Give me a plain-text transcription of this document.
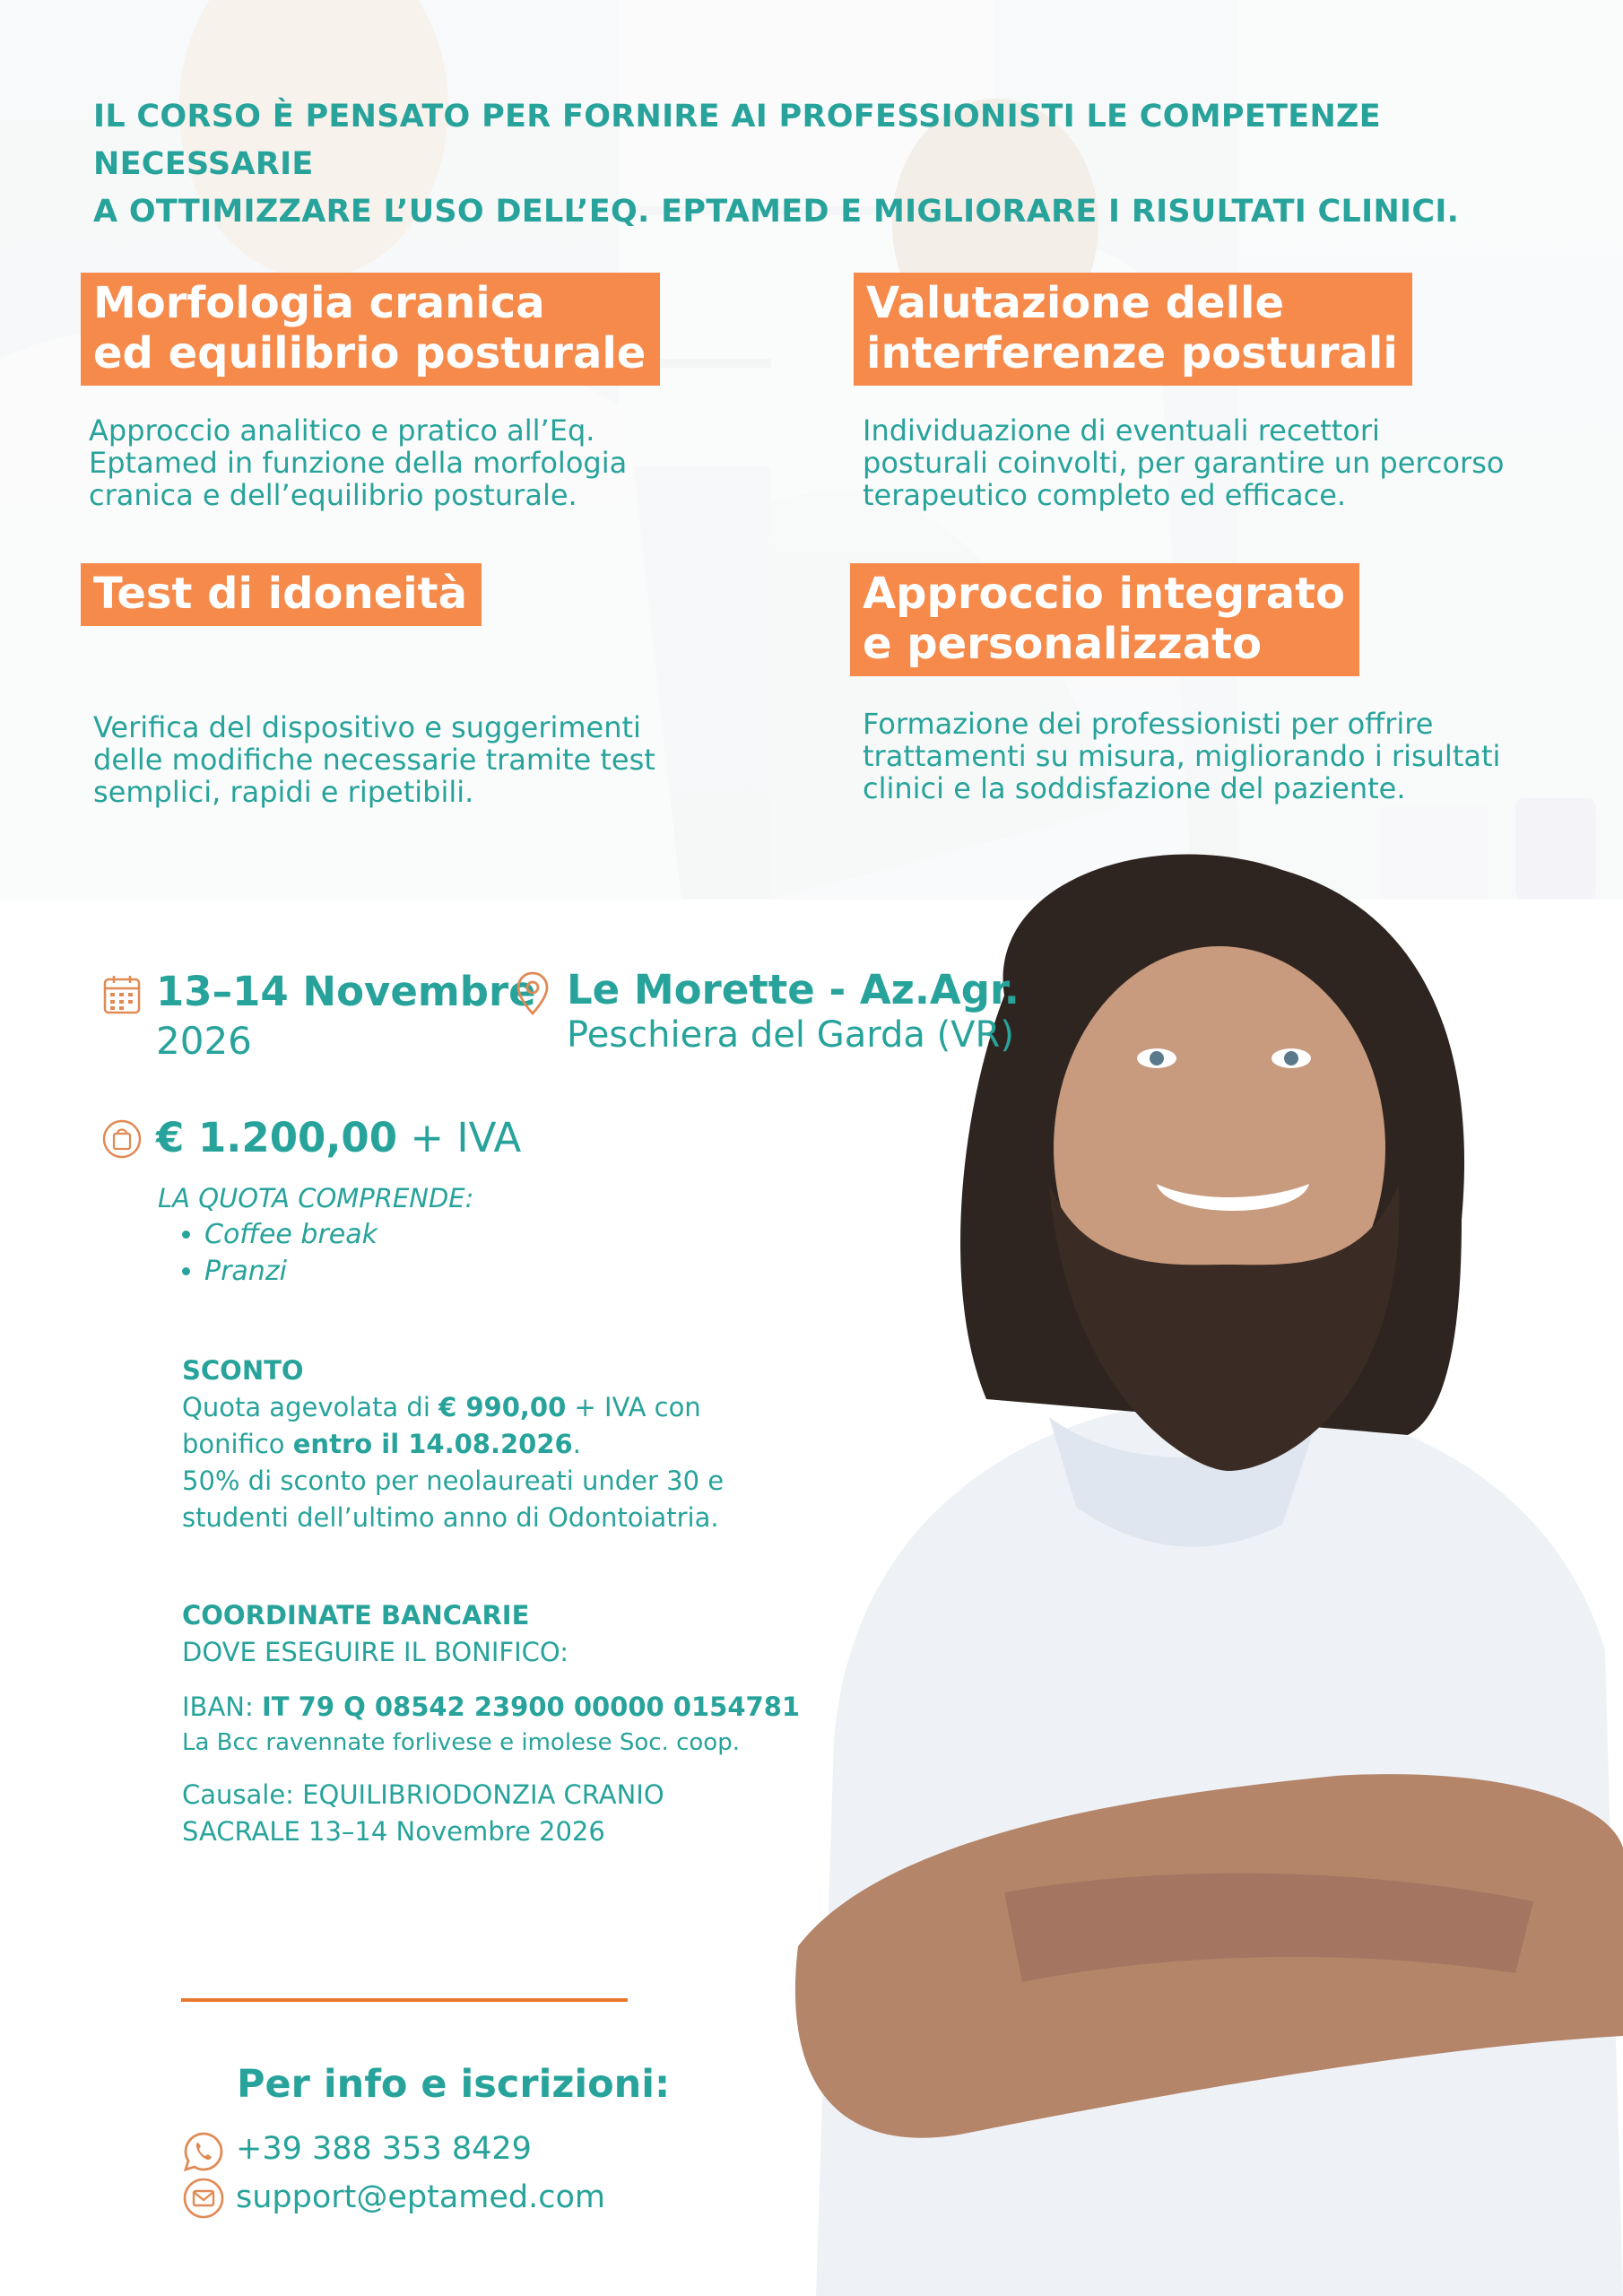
IL CORSO È PENSATO PER FORNIRE AI PROFESSIONISTI LE COMPETENZE NECESSARIE
A OTTIMIZZARE L’USO DELL’EQ. EPTAMED E MIGLIORARE I RISULTATI CLINICI.
Morfologia cranica
ed equilibrio posturale
Approccio analitico e pratico all’Eq.
Eptamed in funzione della morfologia
cranica e dell’equilibrio posturale.
Valutazione delle
interferenze posturali
Individuazione di eventuali recettori
posturali coinvolti, per garantire un percorso
terapeutico completo ed efficace.
Test di idoneità
Verifica del dispositivo e suggerimenti
delle modifiche necessarie tramite test
semplici, rapidi e ripetibili.
Approccio integrato
e personalizzato
Formazione dei professionisti per offrire
trattamenti su misura, migliorando i risultati
clinici e la soddisfazione del paziente.
13–14 Novembre
2026
Le Morette - Az.Agr.
Peschiera del Garda (VR)
€ 1.200,00 + IVA
LA QUOTA COMPRENDE:
• Coffee break
• Pranzi
SCONTO
Quota agevolata di € 990,00 + IVA con
bonifico entro il 14.08.2026.
50% di sconto per neolaureati under 30 e
studenti dell’ultimo anno di Odontoiatria.
COORDINATE BANCARIE
DOVE ESEGUIRE IL BONIFICO:
IBAN: IT 79 Q 08542 23900 00000 0154781
La Bcc ravennate forlivese e imolese Soc. coop.
Causale: EQUILIBRIODONZIA CRANIO
SACRALE 13–14 Novembre 2026
Per info e iscrizioni:
+39 388 353 8429
support@eptamed.com
